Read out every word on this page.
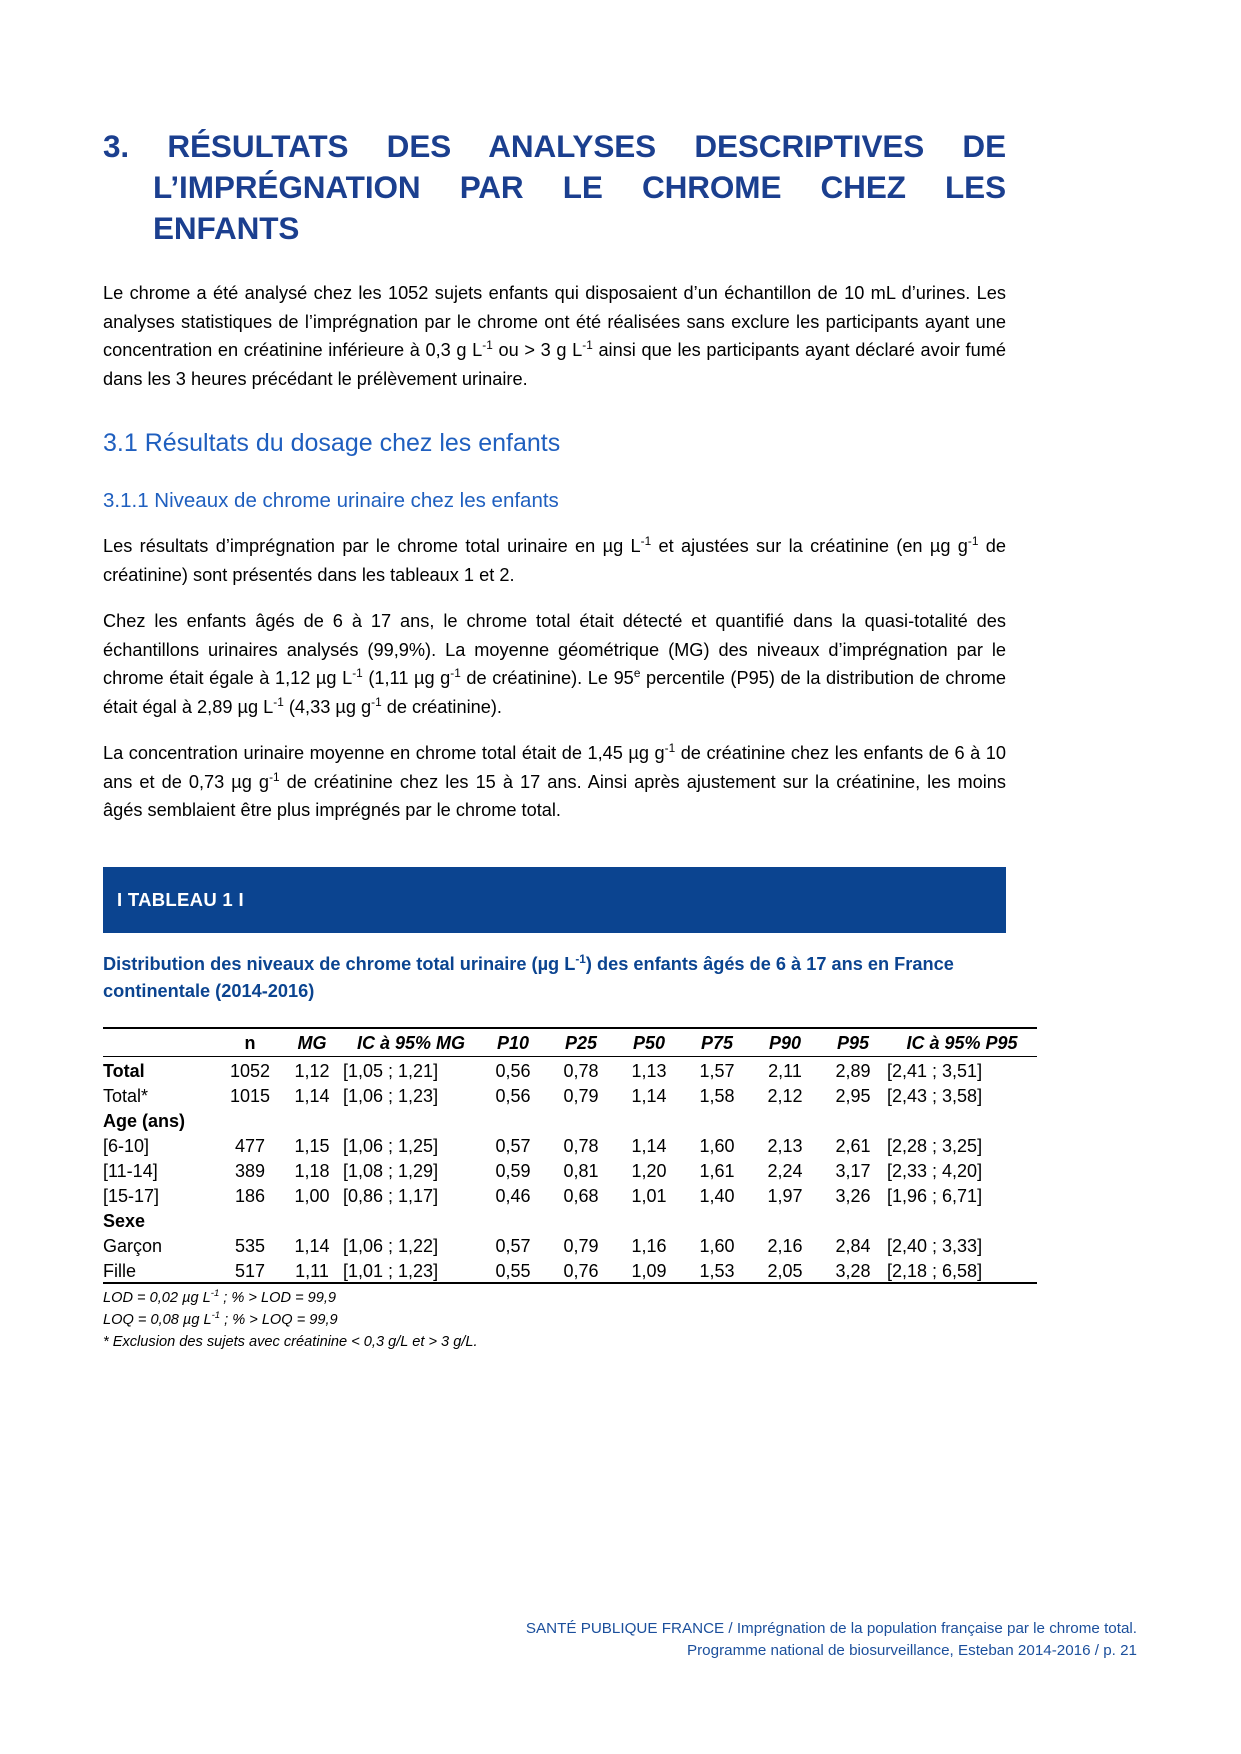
3. RÉSULTATS DES ANALYSES DESCRIPTIVES DE L’IMPRÉGNATION PAR LE CHROME CHEZ LES ENFANTS

Le chrome a été analysé chez les 1052 sujets enfants qui disposaient d’un échantillon de 10 mL d’urines. Les analyses statistiques de l’imprégnation par le chrome ont été réalisées sans exclure les participants ayant une concentration en créatinine inférieure à 0,3 g $L^{-1}$ ou > 3 g $L^{-1}$ ainsi que les participants ayant déclaré avoir fumé dans les 3 heures précédant le prélèvement urinaire.

3.1 Résultats du dosage chez les enfants
3.1.1 Niveaux de chrome urinaire chez les enfants

Les résultats d’imprégnation par le chrome total urinaire en µg $L^{-1}$ et ajustées sur la créatinine (en µg $g^{-1}$ de créatinine) sont présentés dans les tableaux 1 et 2.

Chez les enfants âgés de 6 à 17 ans, le chrome total était détecté et quantifié dans la quasi-totalité des échantillons urinaires analysés (99,9%). La moyenne géométrique (MG) des niveaux d’imprégnation par le chrome était égale à 1,12 µg $L^{-1}$ (1,11 µg $g^{-1}$ de créatinine). Le 95e percentile (P95) de la distribution de chrome était égal à 2,89 µg $L^{-1}$ (4,33 µg $g^{-1}$ de créatinine).

La concentration urinaire moyenne en chrome total était de 1,45 µg $g^{-1}$ de créatinine chez les enfants de 6 à 10 ans et de 0,73 µg $g^{-1}$ de créatinine chez les 15 à 17 ans. Ainsi après ajustement sur la créatinine, les moins âgés semblaient être plus imprégnés par le chrome total.

I TABLEAU 1 I
Distribution des niveaux de chrome total urinaire (µg $L^{-1}$) des enfants âgés de 6 à 17 ans en France continentale (2014-2016)
	n	MG	IC à 95% MG	P10	P25	P50	P75	P90	P95	IC à 95% P95
Total	1052	1,12	[1,05 ; 1,21]	0,56	0,78	1,13	1,57	2,11	2,89	[2,41 ; 3,51]
Total*	1015	1,14	[1,06 ; 1,23]	0,56	0,79	1,14	1,58	2,12	2,95	[2,43 ; 3,58]
Age (ans)										
[6-10]	477	1,15	[1,06 ; 1,25]	0,57	0,78	1,14	1,60	2,13	2,61	[2,28 ; 3,25]
[11-14]	389	1,18	[1,08 ; 1,29]	0,59	0,81	1,20	1,61	2,24	3,17	[2,33 ; 4,20]
[15-17]	186	1,00	[0,86 ; 1,17]	0,46	0,68	1,01	1,40	1,97	3,26	[1,96 ; 6,71]
Sexe										
Garçon	535	1,14	[1,06 ; 1,22]	0,57	0,79	1,16	1,60	2,16	2,84	[2,40 ; 3,33]
Fille	517	1,11	[1,01 ; 1,23]	0,55	0,76	1,09	1,53	2,05	3,28	[2,18 ; 6,58]
LOD = 0,02 µg $L^{-1}$ ; % > LOD = 99,9
LOQ = 0,08 µg $L^{-1}$ ; % > LOQ = 99,9
* Exclusion des sujets avec créatinine < 0,3 g/L et > 3 g/L.
SANTÉ PUBLIQUE FRANCE / Imprégnation de la population française par le chrome total.
Programme national de biosurveillance, Esteban 2014-2016 / p. 21
